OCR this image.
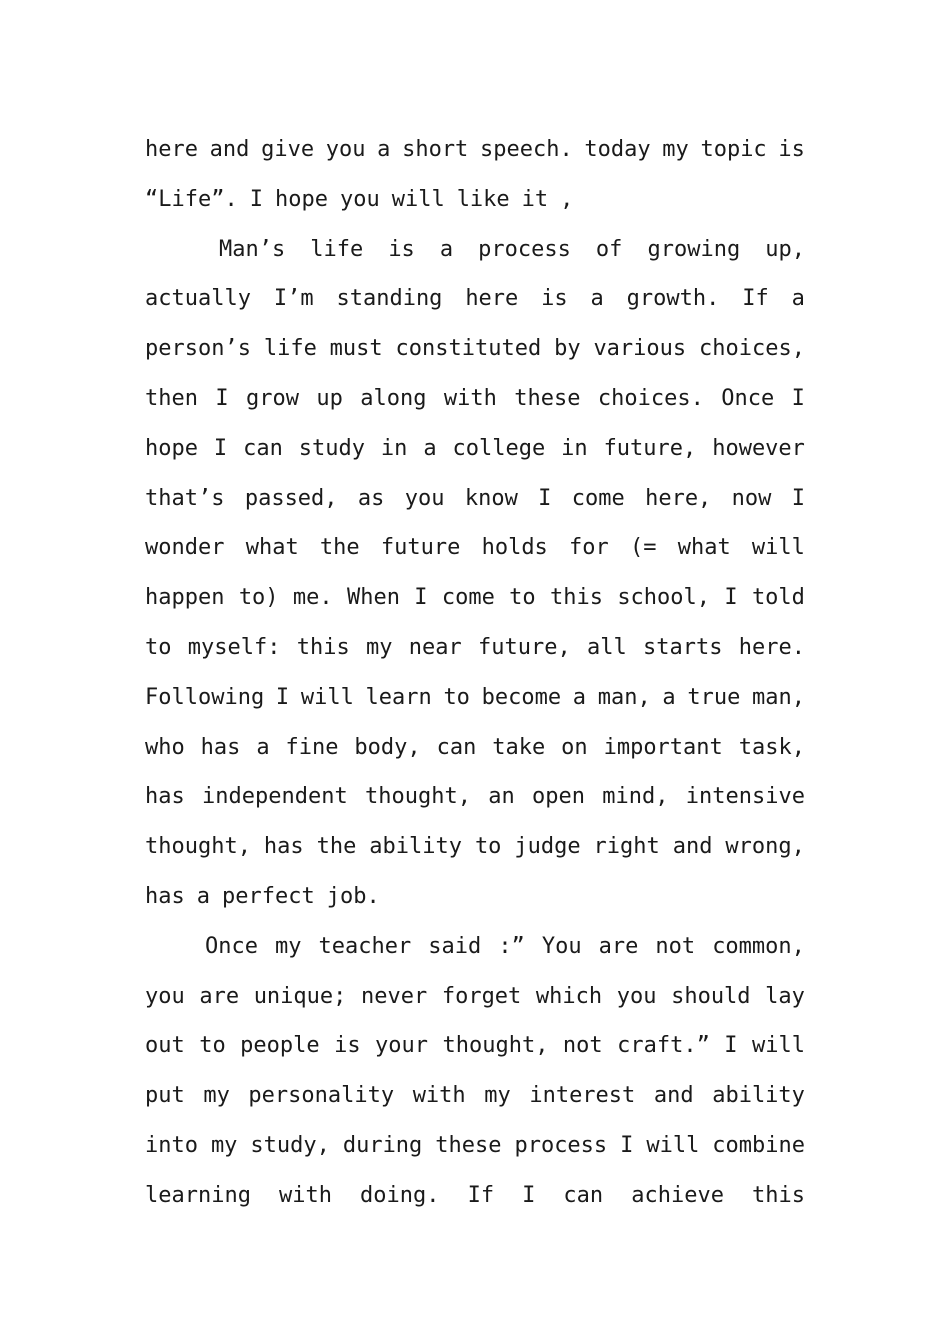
here and give you a short speech. today my topic is
“Life”. I hope you will like it ,
Man’s life is a process of growing up,
actually I’m standing here is a growth. If a
person’s life must constituted by various choices,
then I grow up along with these choices. Once I
hope I can study in a college in future, however
that’s passed, as you know I come here, now I
wonder what the future holds for (= what will
happen to) me. When I come to this school, I told
to myself: this my near future, all starts here.
Following I will learn to become a man, a true man,
who has a fine body, can take on important task,
has independent thought, an open mind, intensive
thought, has the ability to judge right and wrong,
has a perfect job.
Once my teacher said :” You are not common,
you are unique; never forget which you should lay
out to people is your thought, not craft.” I will
put my personality with my interest and ability
into my study, during these process I will combine
learning with doing. If I can achieve this
